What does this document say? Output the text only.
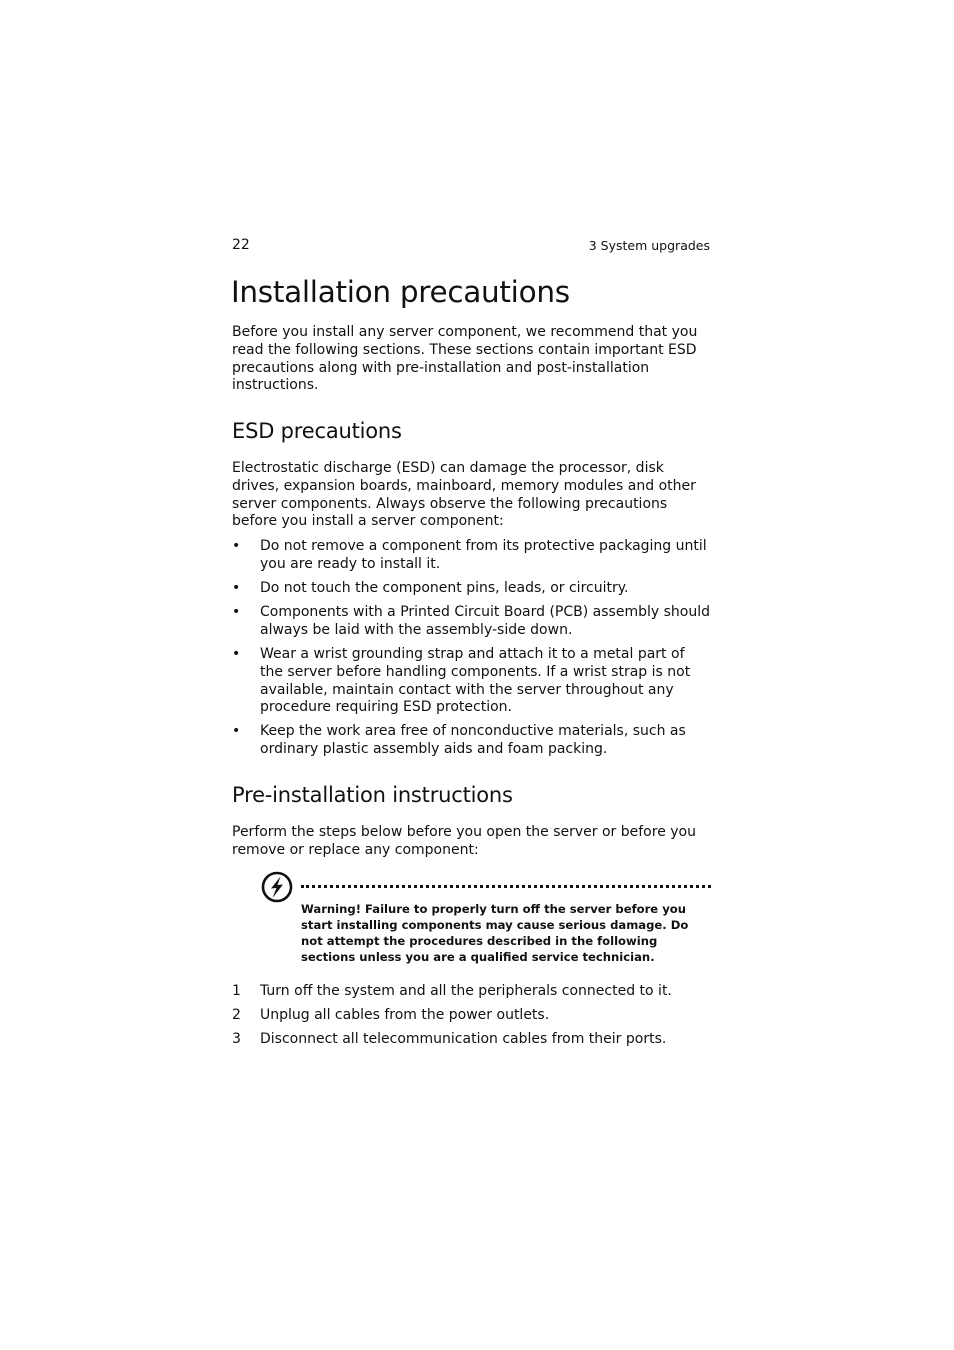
22	3 System upgrades
Installation precautions

Before you install any server component, we recommend that you read the following sections. These sections contain important ESD precautions along with pre-installation and post-installation instructions.

ESD precautions

Electrostatic discharge (ESD) can damage the processor, disk drives, expansion boards, mainboard, memory modules and other server components. Always observe the following precautions before you install a server component:

• Do not remove a component from its protective packaging until you are ready to install it.
• Do not touch the component pins, leads, or circuitry.
• Components with a Printed Circuit Board (PCB) assembly should always be laid with the assembly-side down.
• Wear a wrist grounding strap and attach it to a metal part of the server before handling components. If a wrist strap is not available, maintain contact with the server throughout any procedure requiring ESD protection.
• Keep the work area free of nonconductive materials, such as ordinary plastic assembly aids and foam packing.
Pre-installation instructions

Perform the steps below before you open the server or before you remove or replace any component:

Warning! Failure to properly turn off the server before you start installing components may cause serious damage. Do not attempt the procedures described in the following sections unless you are a qualified service technician.

1 Turn off the system and all the peripherals connected to it.
2 Unplug all cables from the power outlets.
3 Disconnect all telecommunication cables from their ports.
